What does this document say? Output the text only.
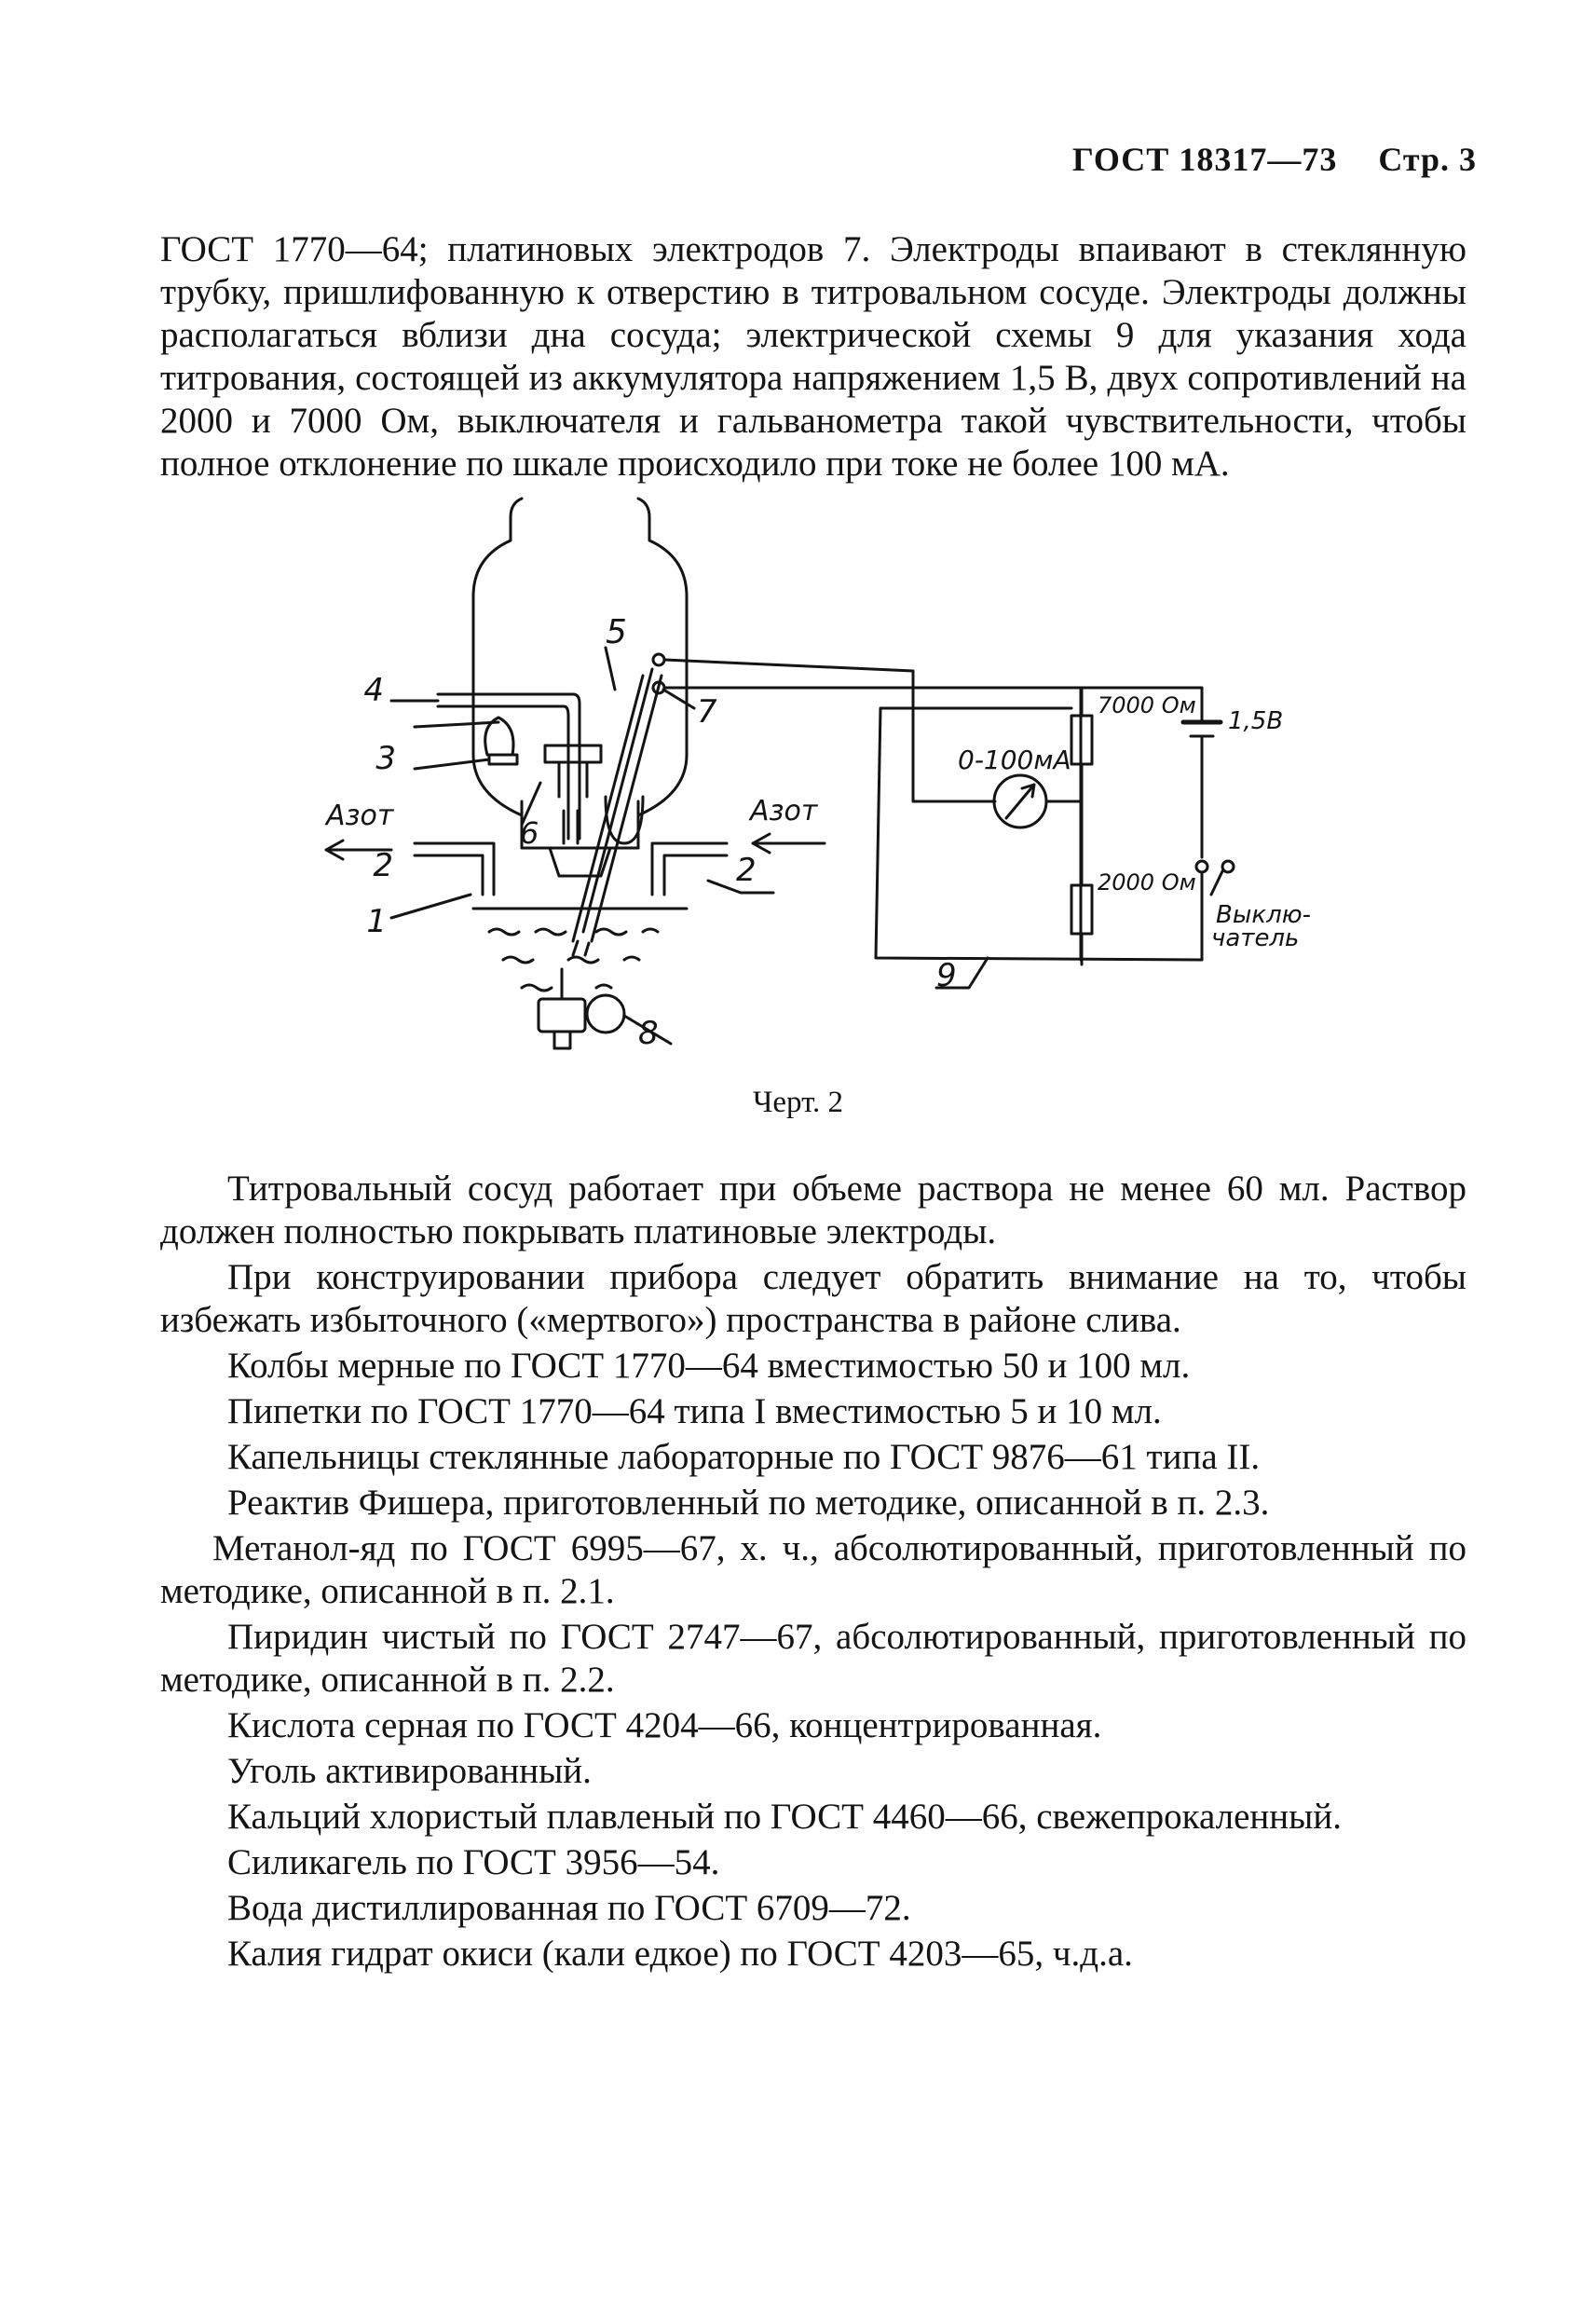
ГОСТ 18317—73 Стр. 3
ГОСТ 1770—64; платиновых электродов 7. Электроды впаивают в стеклянную трубку, пришлифованную к отверстию в титровальном сосуде. Электроды должны располагаться вблизи дна сосуда; электрической схемы 9 для указания хода титрования, состоящей из аккумулятора напряжением 1,5 В, двух сопротивлений на 2000 и 7000 Ом, выключателя и гальванометра такой чувствительности, чтобы полное отклонение по шкале происходило при токе не более 100 мА.
4
3
Азот
2
1
6
5
7
Азот
2
8
0-100мА
7000 Ом
2000 Ом
1,5В
Выклю-
чатель
9
Черт. 2
Титровальный сосуд работает при объеме раствора не менее 60 мл. Раствор должен полностью покрывать платиновые электроды.
При конструировании прибора следует обратить внимание на то, чтобы избежать избыточного («мертвого») пространства в районе слива.
Колбы мерные по ГОСТ 1770—64 вместимостью 50 и 100 мл.
Пипетки по ГОСТ 1770—64 типа I вместимостью 5 и 10 мл.
Капельницы стеклянные лабораторные по ГОСТ 9876—61 типа II.
Реактив Фишера, приготовленный по методике, описанной в п. 2.3.
Метанол-яд по ГОСТ 6995—67, х. ч., абсолютированный, приготовленный по методике, описанной в п. 2.1.
Пиридин чистый по ГОСТ 2747—67, абсолютированный, приготовленный по методике, описанной в п. 2.2.
Кислота серная по ГОСТ 4204—66, концентрированная.
Уголь активированный.
Кальций хлористый плавленый по ГОСТ 4460—66, свежепрокаленный.
Силикагель по ГОСТ 3956—54.
Вода дистиллированная по ГОСТ 6709—72.
Калия гидрат окиси (кали едкое) по ГОСТ 4203—65, ч.д.а.
